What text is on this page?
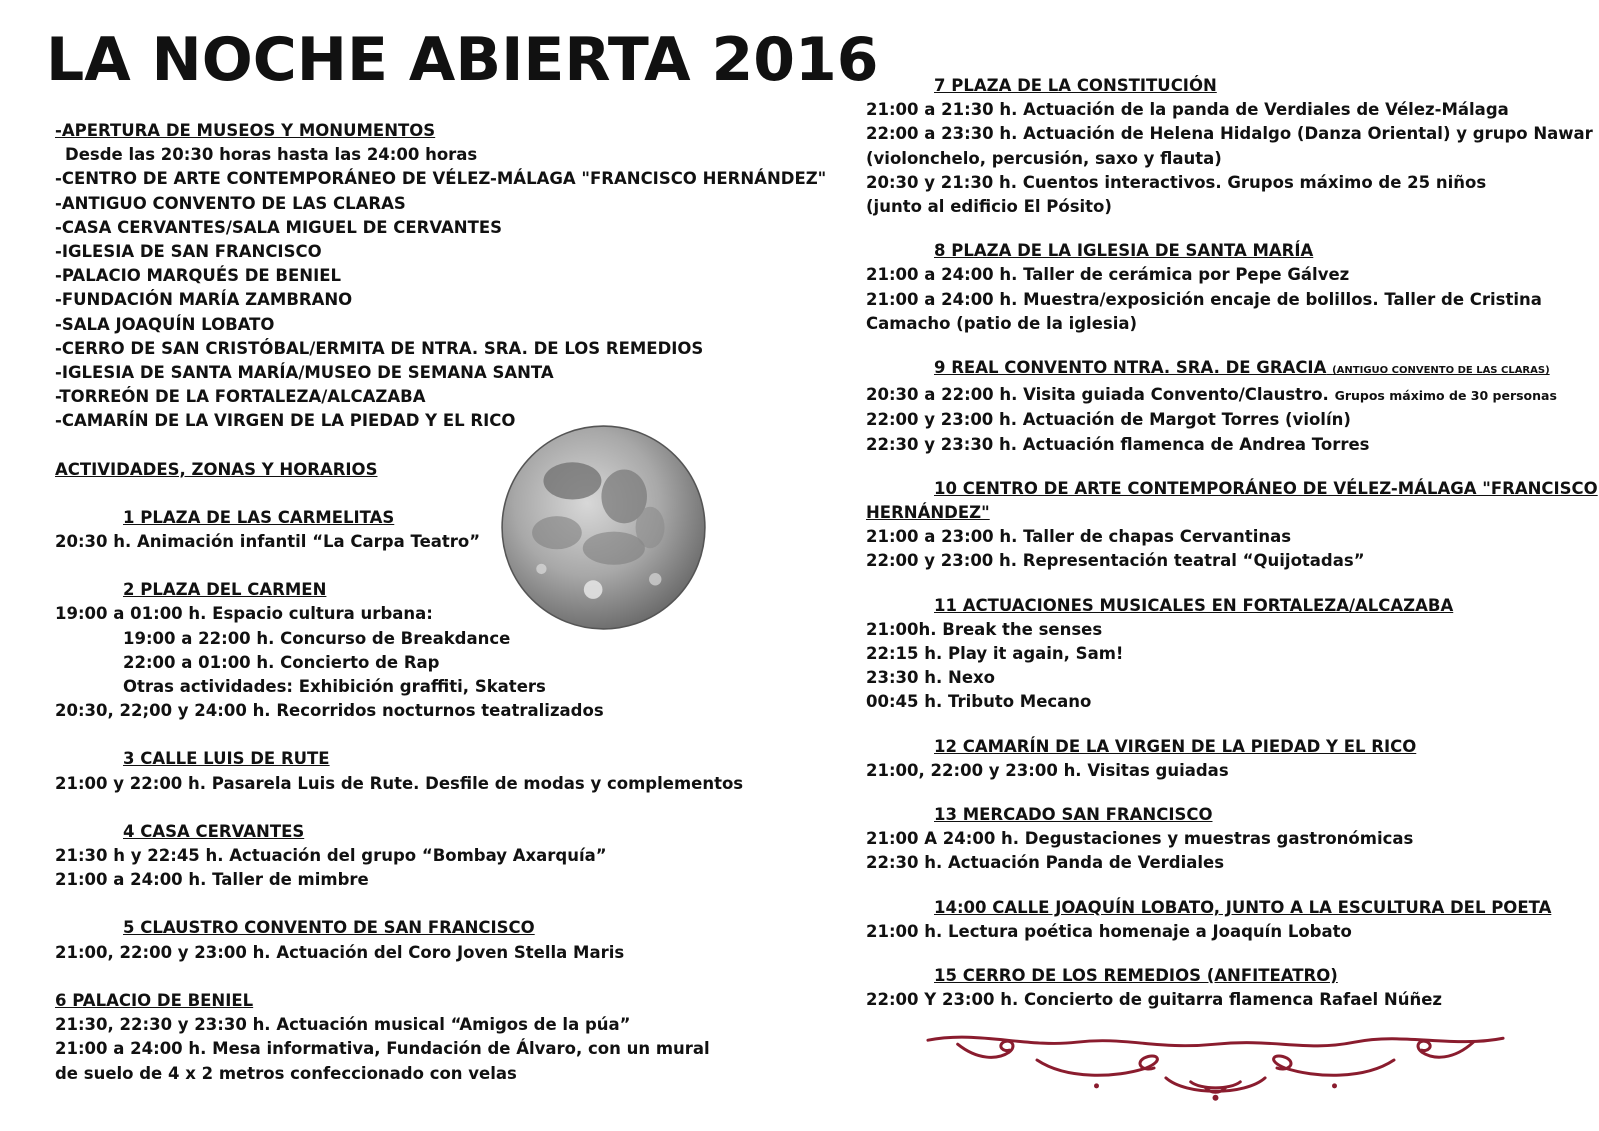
LA NOCHE ABIERTA 2016
-APERTURA DE MUSEOS Y MONUMENTOS
Desde las 20:30 horas hasta las 24:00 horas
-CENTRO DE ARTE CONTEMPORÁNEO DE VÉLEZ-MÁLAGA "FRANCISCO HERNÁNDEZ"
-ANTIGUO CONVENTO DE LAS CLARAS
-CASA CERVANTES/SALA MIGUEL DE CERVANTES
-IGLESIA DE SAN FRANCISCO
-PALACIO MARQUÉS DE BENIEL
-FUNDACIÓN MARÍA ZAMBRANO
-SALA JOAQUÍN LOBATO
-CERRO DE SAN CRISTÓBAL/ERMITA DE NTRA. SRA. DE LOS REMEDIOS
-IGLESIA DE SANTA MARÍA/MUSEO DE SEMANA SANTA
-TORREÓN DE LA FORTALEZA/ALCAZABA
-CAMARÍN DE LA VIRGEN DE LA PIEDAD Y EL RICO
ACTIVIDADES, ZONAS Y HORARIOS
1 PLAZA DE LAS CARMELITAS
20:30 h. Animación infantil “La Carpa Teatro”
2 PLAZA DEL CARMEN
19:00 a 01:00 h. Espacio cultura urbana:
19:00 a 22:00 h. Concurso de Breakdance
22:00 a 01:00 h. Concierto de Rap
Otras actividades: Exhibición graffiti, Skaters
20:30, 22;00 y 24:00 h. Recorridos nocturnos teatralizados
3 CALLE LUIS DE RUTE
21:00 y 22:00 h. Pasarela Luis de Rute. Desfile de modas y complementos
4 CASA CERVANTES
21:30 h y 22:45 h. Actuación del grupo “Bombay Axarquía”
21:00 a 24:00 h. Taller de mimbre
5 CLAUSTRO CONVENTO DE SAN FRANCISCO
21:00, 22:00 y 23:00 h. Actuación del Coro Joven Stella Maris
6 PALACIO DE BENIEL
21:30, 22:30 y 23:30 h. Actuación musical “Amigos de la púa”
21:00 a 24:00 h. Mesa informativa, Fundación de Álvaro, con un mural
de suelo de 4 x 2 metros confeccionado con velas
7 PLAZA DE LA CONSTITUCIÓN
21:00 a 21:30 h. Actuación de la panda de Verdiales de Vélez-Málaga
22:00 a 23:30 h. Actuación de Helena Hidalgo (Danza Oriental) y grupo Nawar
(violonchelo, percusión, saxo y flauta)
20:30 y 21:30 h. Cuentos interactivos. Grupos máximo de 25 niños
(junto al edificio El Pósito)
8 PLAZA DE LA IGLESIA DE SANTA MARÍA
21:00 a 24:00 h. Taller de cerámica por Pepe Gálvez
21:00 a 24:00 h. Muestra/exposición encaje de bolillos. Taller de Cristina
Camacho (patio de la iglesia)
9 REAL CONVENTO NTRA. SRA. DE GRACIA (ANTIGUO CONVENTO DE LAS CLARAS)
20:30 a 22:00 h. Visita guiada Convento/Claustro. Grupos máximo de 30 personas
22:00 y 23:00 h. Actuación de Margot Torres (violín)
22:30 y 23:30 h. Actuación flamenca de Andrea Torres
10 CENTRO DE ARTE CONTEMPORÁNEO DE VÉLEZ-MÁLAGA "FRANCISCO
HERNÁNDEZ"
21:00 a 23:00 h. Taller de chapas Cervantinas
22:00 y 23:00 h. Representación teatral “Quijotadas”
11 ACTUACIONES MUSICALES EN FORTALEZA/ALCAZABA
21:00h. Break the senses
22:15 h. Play it again, Sam!
23:30 h. Nexo
00:45 h. Tributo Mecano
12 CAMARÍN DE LA VIRGEN DE LA PIEDAD Y EL RICO
21:00, 22:00 y 23:00 h. Visitas guiadas
13 MERCADO SAN FRANCISCO
21:00 A 24:00 h. Degustaciones y muestras gastronómicas
22:30 h. Actuación Panda de Verdiales
14:00 CALLE JOAQUÍN LOBATO, JUNTO A LA ESCULTURA DEL POETA
21:00 h. Lectura poética homenaje a Joaquín Lobato
15 CERRO DE LOS REMEDIOS (ANFITEATRO)
22:00 Y 23:00 h. Concierto de guitarra flamenca Rafael Núñez
